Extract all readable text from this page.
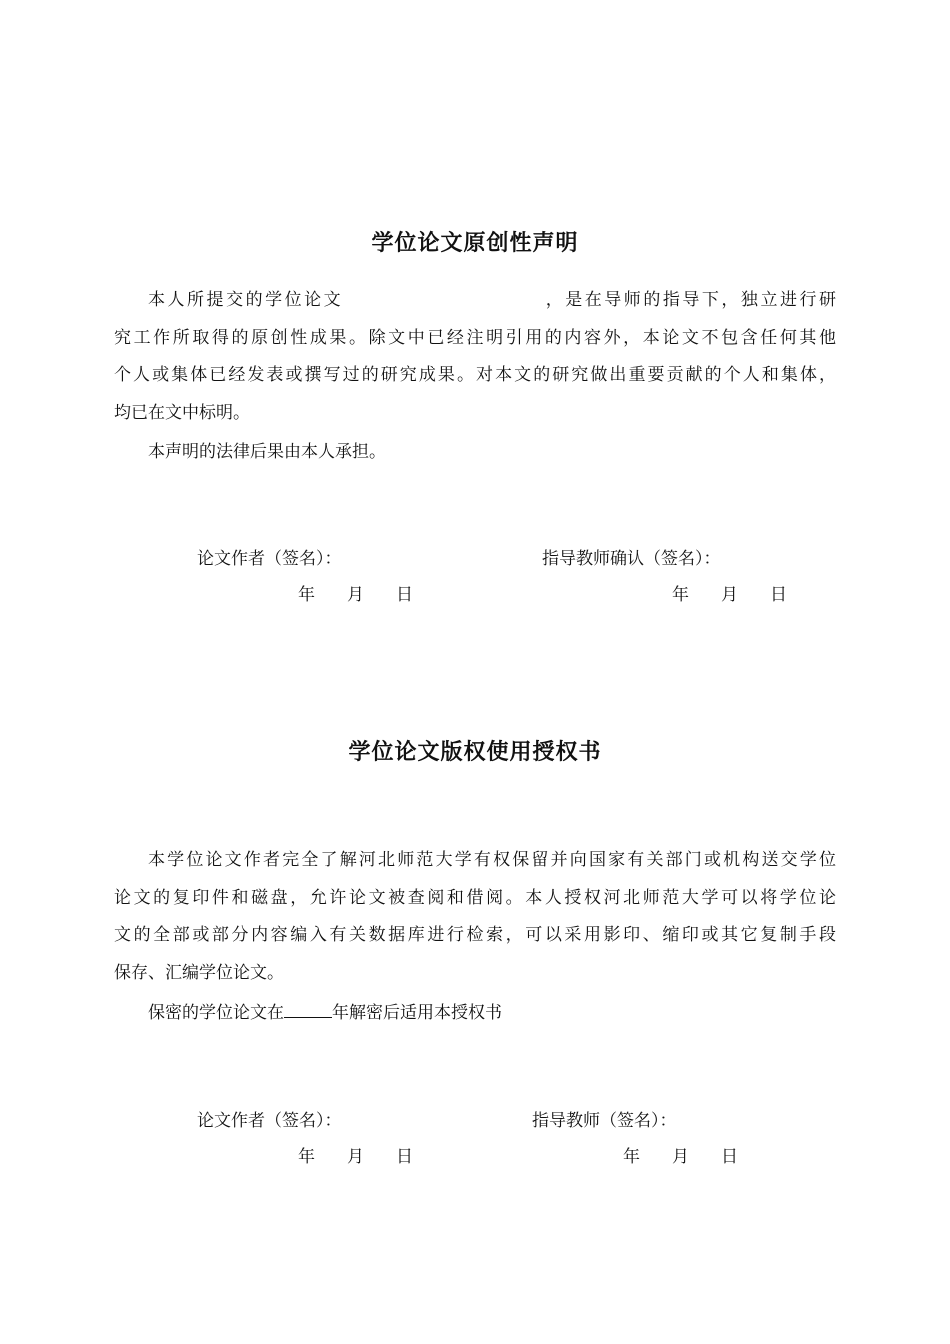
学位论文原创性声明
本人所提交的学位论文	，是在导师的指导下，独立进行研
究工作所取得的原创性成果。除文中已经注明引用的内容外，本论文不包含任何其他
个人或集体已经发表或撰写过的研究成果。对本文的研究做出重要贡献的个人和集体，
均已在文中标明。
本声明的法律后果由本人承担。
论文作者（签名）：	指导教师确认（签名）：
年 月 日	年 月 日
学位论文版权使用授权书
本学位论文作者完全了解河北师范大学有权保留并向国家有关部门或机构送交学位
论文的复印件和磁盘，允许论文被查阅和借阅。本人授权河北师范大学可以将学位论
文的全部或部分内容编入有关数据库进行检索，可以采用影印、缩印或其它复制手段
保存、汇编学位论文。
保密的学位论文在	年解密后适用本授权书
论文作者（签名）：	指导教师（签名）：
年 月 日	年 月 日
